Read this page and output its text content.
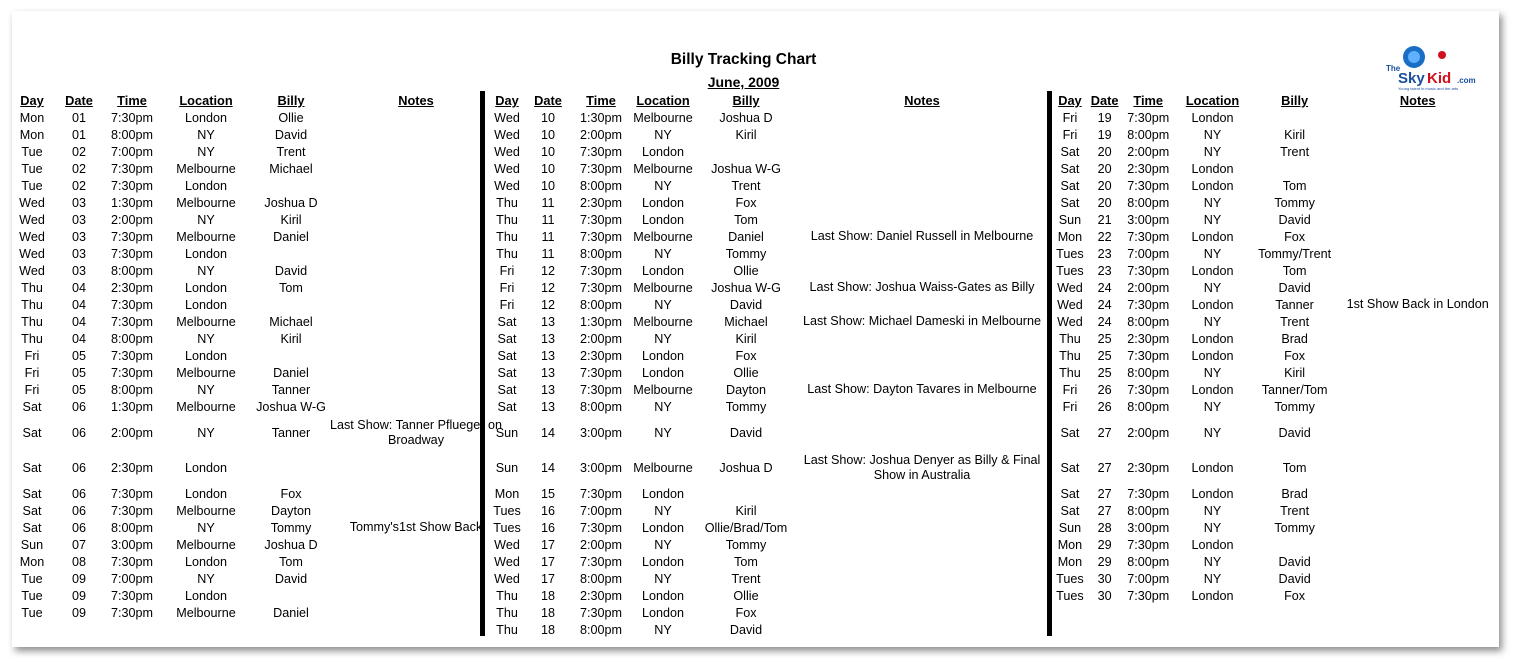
Billy Tracking Chart
June, 2009
The
Sky Kid .com
Young talent in music and the arts
Day	Date	Time	Location	Billy	Notes
Mon	01	7:30pm	London	Ollie	
Mon	01	8:00pm	NY	David	
Tue	02	7:00pm	NY	Trent	
Tue	02	7:30pm	Melbourne	Michael	
Tue	02	7:30pm	London		
Wed	03	1:30pm	Melbourne	Joshua D	
Wed	03	2:00pm	NY	Kiril	
Wed	03	7:30pm	Melbourne	Daniel	
Wed	03	7:30pm	London		
Wed	03	8:00pm	NY	David	
Thu	04	2:30pm	London	Tom	
Thu	04	7:30pm	London		
Thu	04	7:30pm	Melbourne	Michael	
Thu	04	8:00pm	NY	Kiril	
Fri	05	7:30pm	London		
Fri	05	7:30pm	Melbourne	Daniel	
Fri	05	8:00pm	NY	Tanner	
Sat	06	1:30pm	Melbourne	Joshua W-G	
Sat	06	2:00pm	NY	Tanner	Last Show: Tanner Pflueger on Broadway
Sat	06	2:30pm	London		
Sat	06	7:30pm	London	Fox	
Sat	06	7:30pm	Melbourne	Dayton	
Sat	06	8:00pm	NY	Tommy	Tommy's1st Show Back
Sun	07	3:00pm	Melbourne	Joshua D	
Mon	08	7:30pm	London	Tom	
Tue	09	7:00pm	NY	David	
Tue	09	7:30pm	London		
Tue	09	7:30pm	Melbourne	Daniel	
Day	Date	Time	Location	Billy	Notes
Wed	10	1:30pm	Melbourne	Joshua D	
Wed	10	2:00pm	NY	Kiril	
Wed	10	7:30pm	London		
Wed	10	7:30pm	Melbourne	Joshua W-G	
Wed	10	8:00pm	NY	Trent	
Thu	11	2:30pm	London	Fox	
Thu	11	7:30pm	London	Tom	
Thu	11	7:30pm	Melbourne	Daniel	Last Show: Daniel Russell in Melbourne
Thu	11	8:00pm	NY	Tommy	
Fri	12	7:30pm	London	Ollie	
Fri	12	7:30pm	Melbourne	Joshua W-G	Last Show: Joshua Waiss-Gates as Billy
Fri	12	8:00pm	NY	David	
Sat	13	1:30pm	Melbourne	Michael	Last Show: Michael Dameski in Melbourne
Sat	13	2:00pm	NY	Kiril	
Sat	13	2:30pm	London	Fox	
Sat	13	7:30pm	London	Ollie	
Sat	13	7:30pm	Melbourne	Dayton	Last Show: Dayton Tavares in Melbourne
Sat	13	8:00pm	NY	Tommy	
Sun	14	3:00pm	NY	David	
Sun	14	3:00pm	Melbourne	Joshua D	Last Show: Joshua Denyer as Billy & Final Show in Australia
Mon	15	7:30pm	London		
Tues	16	7:00pm	NY	Kiril	
Tues	16	7:30pm	London	Ollie/Brad/Tom	
Wed	17	2:00pm	NY	Tommy	
Wed	17	7:30pm	London	Tom	
Wed	17	8:00pm	NY	Trent	
Thu	18	2:30pm	London	Ollie	
Thu	18	7:30pm	London	Fox	
Thu	18	8:00pm	NY	David	
Day	Date	Time	Location	Billy	Notes
Fri	19	7:30pm	London		
Fri	19	8:00pm	NY	Kiril	
Sat	20	2:00pm	NY	Trent	
Sat	20	2:30pm	London		
Sat	20	7:30pm	London	Tom	
Sat	20	8:00pm	NY	Tommy	
Sun	21	3:00pm	NY	David	
Mon	22	7:30pm	London	Fox	
Tues	23	7:00pm	NY	Tommy/Trent	
Tues	23	7:30pm	London	Tom	
Wed	24	2:00pm	NY	David	
Wed	24	7:30pm	London	Tanner	1st Show Back in London
Wed	24	8:00pm	NY	Trent	
Thu	25	2:30pm	London	Brad	
Thu	25	7:30pm	London	Fox	
Thu	25	8:00pm	NY	Kiril	
Fri	26	7:30pm	London	Tanner/Tom	
Fri	26	8:00pm	NY	Tommy	
Sat	27	2:00pm	NY	David	
Sat	27	2:30pm	London	Tom	
Sat	27	7:30pm	London	Brad	
Sat	27	8:00pm	NY	Trent	
Sun	28	3:00pm	NY	Tommy	
Mon	29	7:30pm	London		
Mon	29	8:00pm	NY	David	
Tues	30	7:00pm	NY	David	
Tues	30	7:30pm	London	Fox	
